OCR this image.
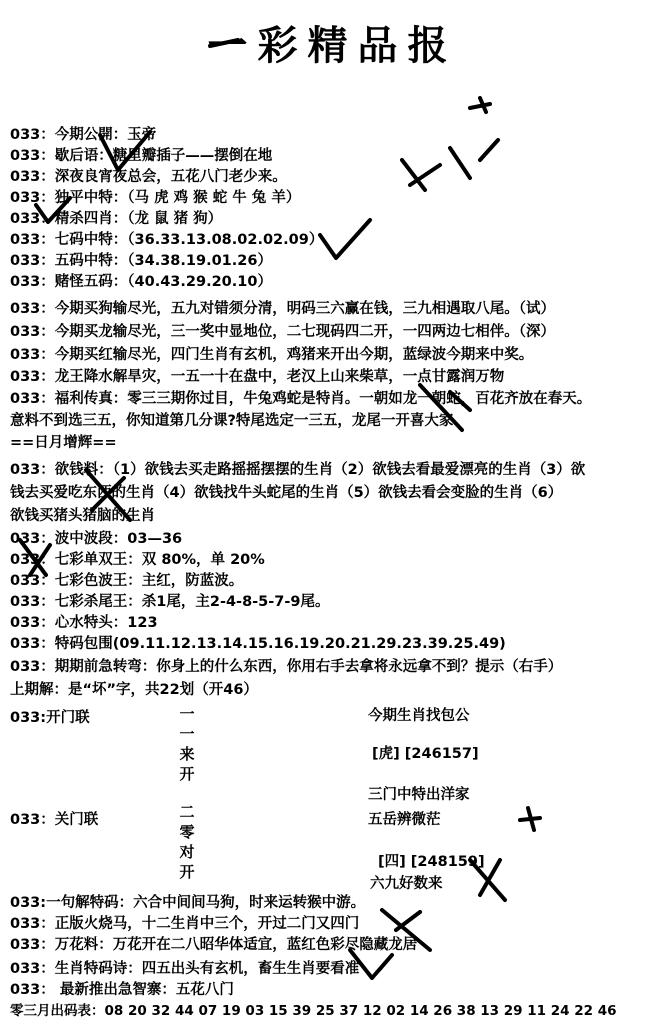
一彩精品报
033：今期公開：玉帝
033：歇后语：糖里瓣插子——摆倒在地
033：深夜良宵夜总会，五花八门老少来。
033：独平中特：（马 虎 鸡 猴 蛇 牛 兔 羊）
033：精杀四肖：（龙 鼠 猪 狗）
033：七码中特：（36.33.13.08.02.02.09）
033：五码中特：（34.38.19.01.26）
033：赌怪五码：（40.43.29.20.10）
033：今期买狗输尽光，五九对错须分清，明码三六赢在钱，三九相遇取八尾。（试）
033：今期买龙输尽光，三一奖中显地位，二七现码四二开，一四两边七相伴。（深）
033：今期买红输尽光，四门生肖有玄机，鸡猪来开出今期，蓝绿波今期来中奖。
033：龙王降水解旱灾，一五一十在盘中，老汉上山来柴草，一点甘露润万物
033：福利传真：零三三期你过目，牛兔鸡蛇是特肖。一朝如龙一朝蛇，百花齐放在春天。
意料不到选三五，你知道第几分课?特尾选定一三五，龙尾一开喜大家
==日月增辉==
033：欲钱料：（1）欲钱去买走路摇摇摆摆的生肖（2）欲钱去看最爱漂亮的生肖（3）欲
钱去买爱吃东西的生肖（4）欲钱找牛头蛇尾的生肖（5）欲钱去看会变脸的生肖（6）
欲钱买猪头猪脑的生肖
033：波中波段：03—36
033：七彩单双王：双 80%，单 20%
033：七彩色波王：主红，防蓝波。
033：七彩杀尾王：杀1尾，主2-4-8-5-7-9尾。
033：心水特头：123
033：特码包围(09.11.12.13.14.15.16.19.20.21.29.23.39.25.49)
033：期期前急转弯：你身上的什么东西，你用右手去拿将永远拿不到？提示（右手）
上期解：是“坏”字，共22划（开46）
033:开门联	一
一
来
开
今期生肖找包公
[虎] [246157]
三门中特出洋家
033：关门联	二
零
对
开
五岳辨微茫
[四] [248159]
六九好数来
033:一句解特码：六合中间间马狗，时来运转猴中游。
033：正版火烧马，十二生肖中三个，开过二门又四门
033：万花料：万花开在二八昭华体适宜，蓝红色彩尽隐藏龙居
033：生肖特码诗：四五出头有玄机，畜生生肖要看准
033： 最新推出急智寨：五花八门
零三月出码表：08 20 32 44 07 19 03 15 39 25 37 12 02 14 26 38 13 29 11 24 22 46
